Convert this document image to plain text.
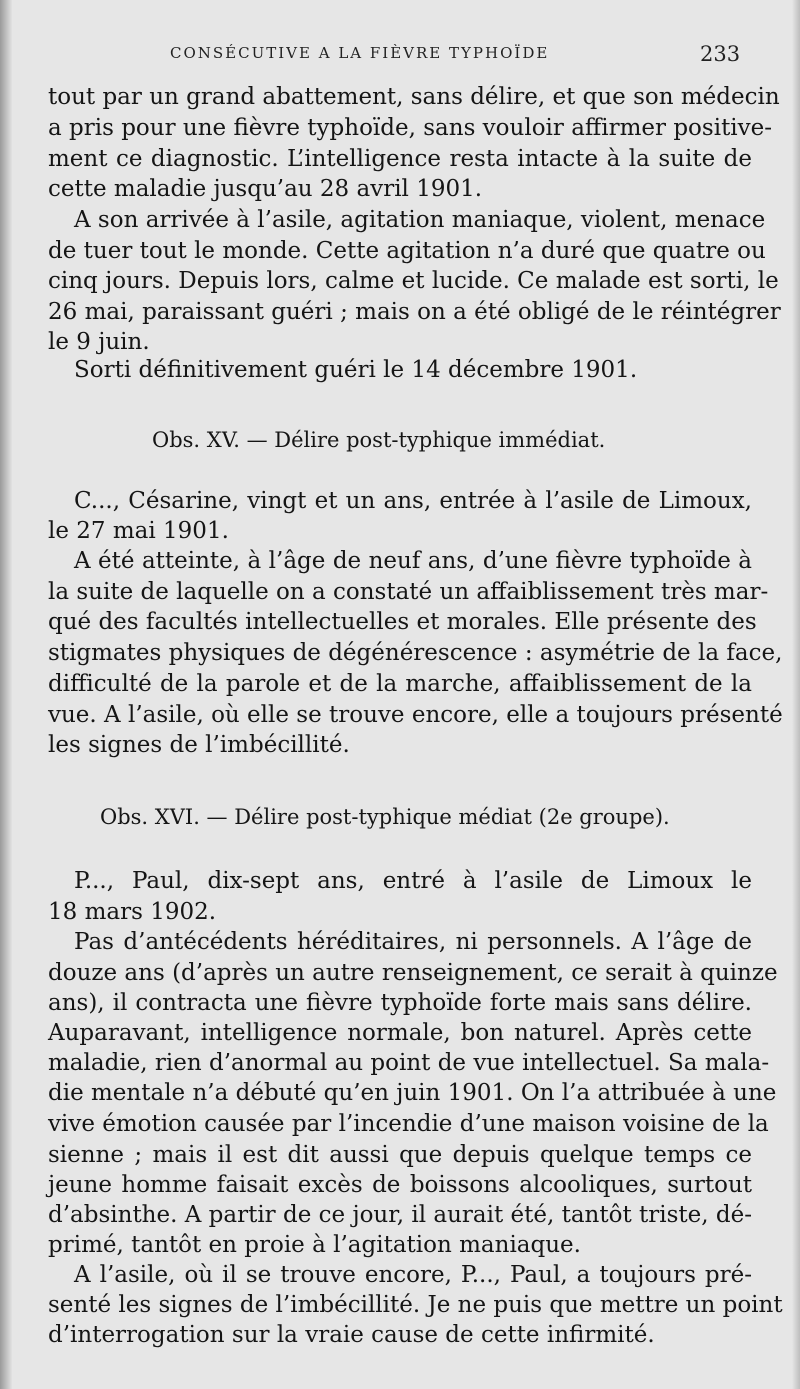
CONSÉCUTIVE A LA FIÈVRE TYPHOÏDE	233
tout par un grand abattement, sans délire, et que son médecin
a pris pour une fièvre typhoïde, sans vouloir affirmer positive-
ment ce diagnostic. L’intelligence resta intacte à la suite de
cette maladie jusqu’au 28 avril 1901.
A son arrivée à l’asile, agitation maniaque, violent, menace
de tuer tout le monde. Cette agitation n’a duré que quatre ou
cinq jours. Depuis lors, calme et lucide. Ce malade est sorti, le
26 mai, paraissant guéri ; mais on a été obligé de le réintégrer
le 9 juin.
Sorti définitivement guéri le 14 décembre 1901.
Obs. XV. — Délire post-typhique immédiat.
C..., Césarine, vingt et un ans, entrée à l’asile de Limoux,
le 27 mai 1901.
A été atteinte, à l’âge de neuf ans, d’une fièvre typhoïde à
la suite de laquelle on a constaté un affaiblissement très mar-
qué des facultés intellectuelles et morales. Elle présente des
stigmates physiques de dégénérescence : asymétrie de la face,
difficulté de la parole et de la marche, affaiblissement de la
vue. A l’asile, où elle se trouve encore, elle a toujours présenté
les signes de l’imbécillité.
Obs. XVI. — Délire post-typhique médiat (2e groupe).
P..., Paul, dix-sept ans, entré à l’asile de Limoux le
18 mars 1902.
Pas d’antécédents héréditaires, ni personnels. A l’âge de
douze ans (d’après un autre renseignement, ce serait à quinze
ans), il contracta une fièvre typhoïde forte mais sans délire.
Auparavant, intelligence normale, bon naturel. Après cette
maladie, rien d’anormal au point de vue intellectuel. Sa mala-
die mentale n’a débuté qu’en juin 1901. On l’a attribuée à une
vive émotion causée par l’incendie d’une maison voisine de la
sienne ; mais il est dit aussi que depuis quelque temps ce
jeune homme faisait excès de boissons alcooliques, surtout
d’absinthe. A partir de ce jour, il aurait été, tantôt triste, dé-
primé, tantôt en proie à l’agitation maniaque.
A l’asile, où il se trouve encore, P..., Paul, a toujours pré-
senté les signes de l’imbécillité. Je ne puis que mettre un point
d’interrogation sur la vraie cause de cette infirmité.
